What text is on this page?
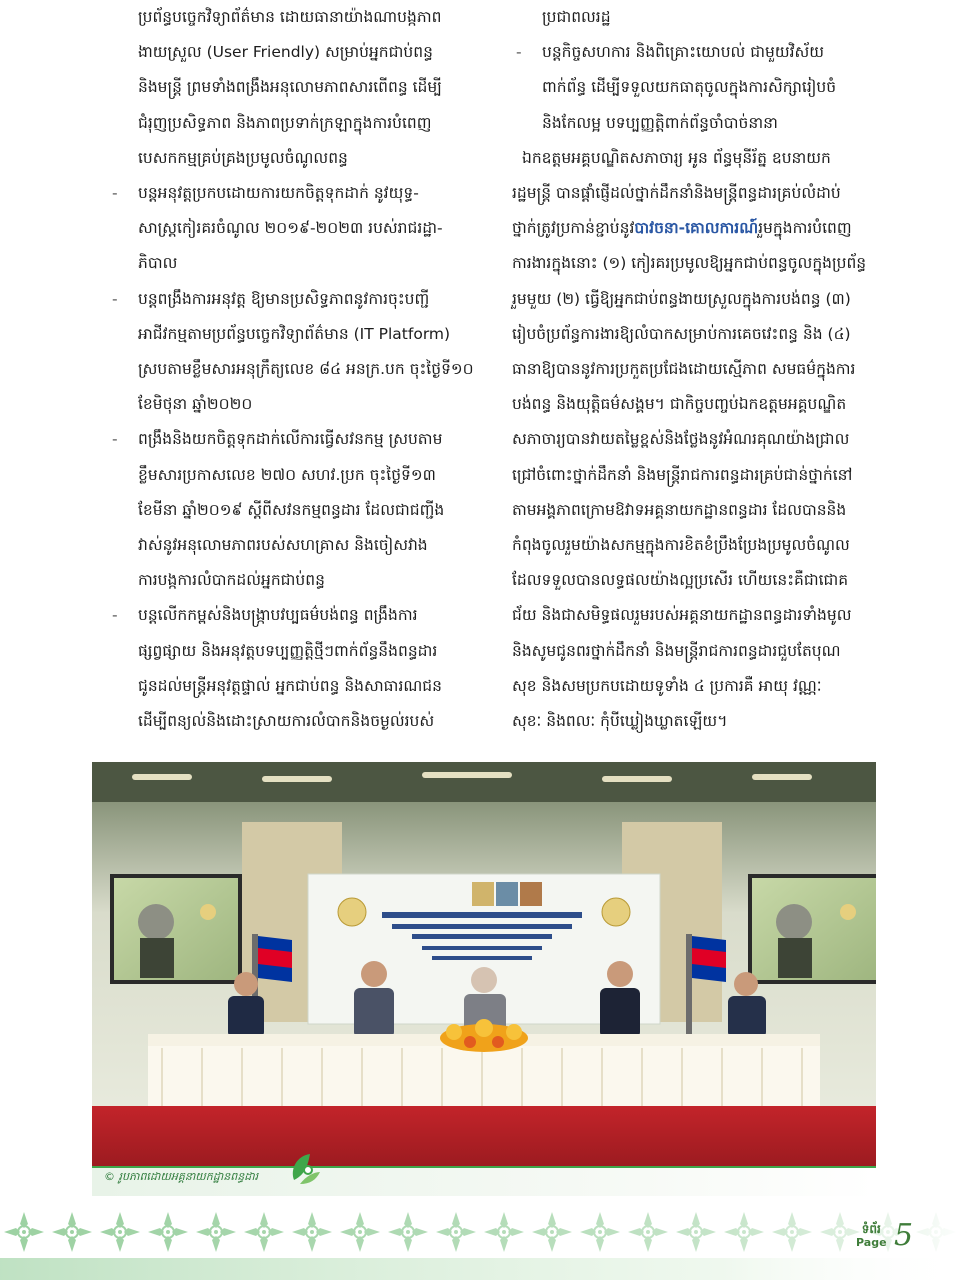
ប្រព័ន្ធបច្ចេកវិទ្យាព័ត៌មាន ដោយធានាយ៉ាងណាបង្កភាព

ងាយស្រួល (User Friendly) សម្រាប់អ្នកជាប់ពន្ធ

និងមន្ត្រី ព្រមទាំងពង្រឹងអនុលោមភាពសារពើពន្ធ ដើម្បី

ជំរុញប្រសិទ្ធភាព និងភាពប្រទាក់ក្រឡាក្នុងការបំពេញ

បេសកកម្មគ្រប់គ្រងប្រមូលចំណូលពន្ធ

- បន្តអនុវត្តប្រកបដោយការយកចិត្តទុកដាក់ នូវយុទ្ធ-

សាស្ត្រកៀរគរចំណូល ២០១៩-២០២៣ របស់រាជរដ្ឋា-

ភិបាល

- បន្តពង្រឹងការអនុវត្ត ឱ្យមានប្រសិទ្ធភាពនូវការចុះបញ្ជី

អាជីវកម្មតាមប្រព័ន្ធបច្ចេកវិទ្យាព័ត៌មាន (IT Platform)

ស្របតាមខ្លឹមសារអនុក្រឹត្យលេខ ៨៤ អនក្រ.បក ចុះថ្ងៃទី១០

ខែមិថុនា ឆ្នាំ២០២០

- ពង្រឹងនិងយកចិត្តទុកដាក់លើការធ្វើសវនកម្ម ស្របតាម

ខ្លឹមសារប្រកាសលេខ ២៧០ សហវ.ប្រក ចុះថ្ងៃទី១៣

ខែមីនា ឆ្នាំ២០១៩ ស្តីពីសវនកម្មពន្ធដារ ដែលជាជញ្ជីង

វាស់នូវអនុលោមភាពរបស់សហគ្រាស និងចៀសវាង

ការបង្កការលំបាកដល់អ្នកជាប់ពន្ធ

- បន្តលើកកម្ពស់និងបង្ក្រាបវប្បធម៌បង់ពន្ធ ពង្រឹងការ

ផ្សព្វផ្សាយ និងអនុវត្តបទប្បញ្ញត្តិថ្មីៗពាក់ព័ន្ធនឹងពន្ធដារ

ជូនដល់មន្ត្រីអនុវត្តផ្ទាល់ អ្នកជាប់ពន្ធ និងសាធារណជន

ដើម្បីពន្យល់និងដោះស្រាយការលំបាកនិងចម្ងល់របស់

ប្រជាពលរដ្ឋ

- បន្តកិច្ចសហការ និងពិគ្រោះយោបល់ ជាមួយវិស័យ

ពាក់ព័ន្ធ ដើម្បីទទួលយកធាតុចូលក្នុងការសិក្សារៀបចំ

និងកែលម្អ បទប្បញ្ញត្តិពាក់ព័ន្ធចាំបាច់នានា

ឯកឧត្តមអគ្គបណ្ឌិតសភាចារ្យ អូន ព័ន្ធមុនីរ័ត្ន ឧបនាយក

រដ្ឋមន្ត្រី បានផ្តាំផ្ញើដល់ថ្នាក់ដឹកនាំនិងមន្ត្រីពន្ធដារគ្រប់លំដាប់

ថ្នាក់ត្រូវប្រកាន់ខ្ជាប់នូវបាវចនា-គោលការណ៍រួមក្នុងការបំពេញ

ការងារក្នុងនោះ (១) កៀរគរប្រមូលឱ្យអ្នកជាប់ពន្ធចូលក្នុងប្រព័ន្ធ

រួមមួយ (២) ធ្វើឱ្យអ្នកជាប់ពន្ធងាយស្រួលក្នុងការបង់ពន្ធ (៣)

រៀបចំប្រព័ន្ធការងារឱ្យលំបាកសម្រាប់ការគេចវេះពន្ធ និង (៤)

ធានាឱ្យបាននូវការប្រកួតប្រជែងដោយស្មើភាព សមធម៌ក្នុងការ

បង់ពន្ធ និងយុត្តិធម៌សង្គម។ ជាកិច្ចបញ្ចប់ឯកឧត្តមអគ្គបណ្ឌិត

សភាចារ្យបានវាយតម្លៃខ្ពស់និងថ្លែងនូវអំណរគុណយ៉ាងជ្រាល

ជ្រៅចំពោះថ្នាក់ដឹកនាំ និងមន្ត្រីរាជការពន្ធដារគ្រប់ជាន់ថ្នាក់នៅ

តាមអង្គភាពក្រោមឱវាទអគ្គនាយកដ្ឋានពន្ធដារ ដែលបាននិង

កំពុងចូលរួមយ៉ាងសកម្មក្នុងការខិតខំប្រឹងប្រែងប្រមូលចំណូល

ដែលទទួលបានលទ្ធផលយ៉ាងល្អប្រសើរ ហើយនេះគឺជាជោគ

ជ័យ និងជាសមិទ្ធផលរួមរបស់អគ្គនាយកដ្ឋានពន្ធដារទាំងមូល

និងសូមជូនពរថ្នាក់ដឹកនាំ និងមន្ត្រីរាជការពន្ធដារជួបតែបុណ

សុខ និងសមប្រកបដោយទូទាំង ៤ ប្រការគឺ អាយុ វណ្ណៈ

សុខៈ និងពលៈ កុំបីឃ្លៀងឃ្លាតឡើយ។

© រូបភាពដោយអគ្គនាយកដ្ឋានពន្ធដារ
ទំព័រ
Page 5
